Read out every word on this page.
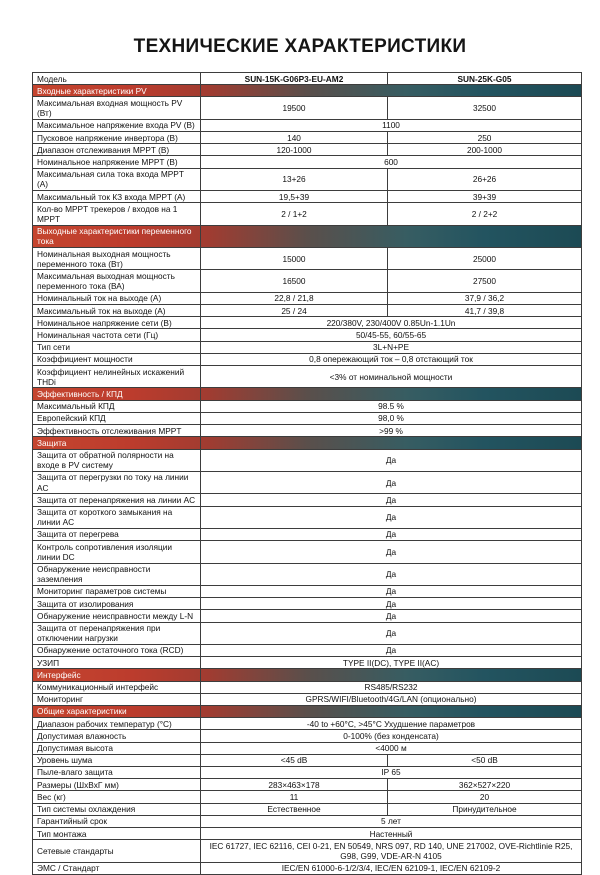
ТЕХНИЧЕСКИЕ ХАРАКТЕРИСТИКИ
Модель	SUN-15K-G06P3-EU-AM2	SUN-25K-G05
Входные характеристики PV		
Максимальная входная мощность PV (Вт)	19500	32500
Максимальное напряжение входа PV (В)	1100	
Пусковое напряжение инвертора (В)	140	250
Диапазон отслеживания MPPT (В)	120-1000	200-1000
Номинальное напряжение MPPT (В)	600	
Максимальная сила тока входа MPPT (А)	13+26	26+26
Максимальный ток КЗ входа MPPT (А)	19,5+39	39+39
Кол-во MPPT трекеров / входов на 1 MPPT	2 / 1+2	2 / 2+2
Выходные характеристики переменного тока		
Номинальная выходная мощность переменного тока (Вт)	15000	25000
Максимальная выходная мощность переменного тока (ВА)	16500	27500
Номинальный ток на выходе (А)	22,8 / 21,8	37,9 / 36,2
Максимальный ток на выходе (А)	25 / 24	41,7 / 39,8
Номинальное напряжение сети (В)	220/380V, 230/400V 0.85Un-1.1Un	
Номинальная частота сети (Гц)	50/45-55, 60/55-65	
Тип сети	3L+N+PE	
Коэффициент мощности	0,8 опережающий ток – 0,8 отстающий ток	
Коэффициент нелинейных искажений THDi	<3% от номинальной мощности	
Эффективность / КПД		
Максимальный КПД	98.5 %	
Европейский КПД	98,0 %	
Эффективность отслеживания MPPT	>99 %	
Защита		
Защита от обратной полярности на входе в PV систему	Да	
Защита от перегрузки по току на линии AC	Да	
Защита от перенапряжения на линии AC	Да	
Защита от короткого замыкания на линии AC	Да	
Защита от перегрева	Да	
Контроль сопротивления изоляции линии DC	Да	
Обнаружение неисправности заземления	Да	
Мониторинг параметров системы	Да	
Защита от изолирования	Да	
Обнаружение неисправности между L-N	Да	
Защита от перенапряжения при отключении нагрузки	Да	
Обнаружение остаточного тока (RCD)	Да	
УЗИП	TYPE II(DC), TYPE II(AC)	
Интерфейс		
Коммуникационный интерфейс	RS485/RS232	
Мониторинг	GPRS/WIFI/Bluetooth/4G/LAN (опционально)	
Общие характеристики		
Диапазон рабочих температур (°C)	-40 to +60°C, >45°C Ухудшение параметров	
Допустимая влажность	0-100% (без конденсата)	
Допустимая высота	<4000 м	
Уровень шума	<45 dB	<50 dB
Пыле-влаго защита	IP 65	
Размеры (ШхВхГ мм)	283×463×178	362×527×220
Вес (кг)	11	20
Тип системы охлаждения	Естественное	Принудительное
Гарантийный срок	5 лет	
Тип монтажа	Настенный	
Сетевые стандарты	IEC 61727, IEC 62116, CEI 0-21, EN 50549, NRS 097, RD 140, UNE 217002, OVE-Richtlinie R25, G98, G99, VDE-AR-N 4105	
ЭМС / Стандарт	IEC/EN 61000-6-1/2/3/4, IEC/EN 62109-1, IEC/EN 62109-2	
